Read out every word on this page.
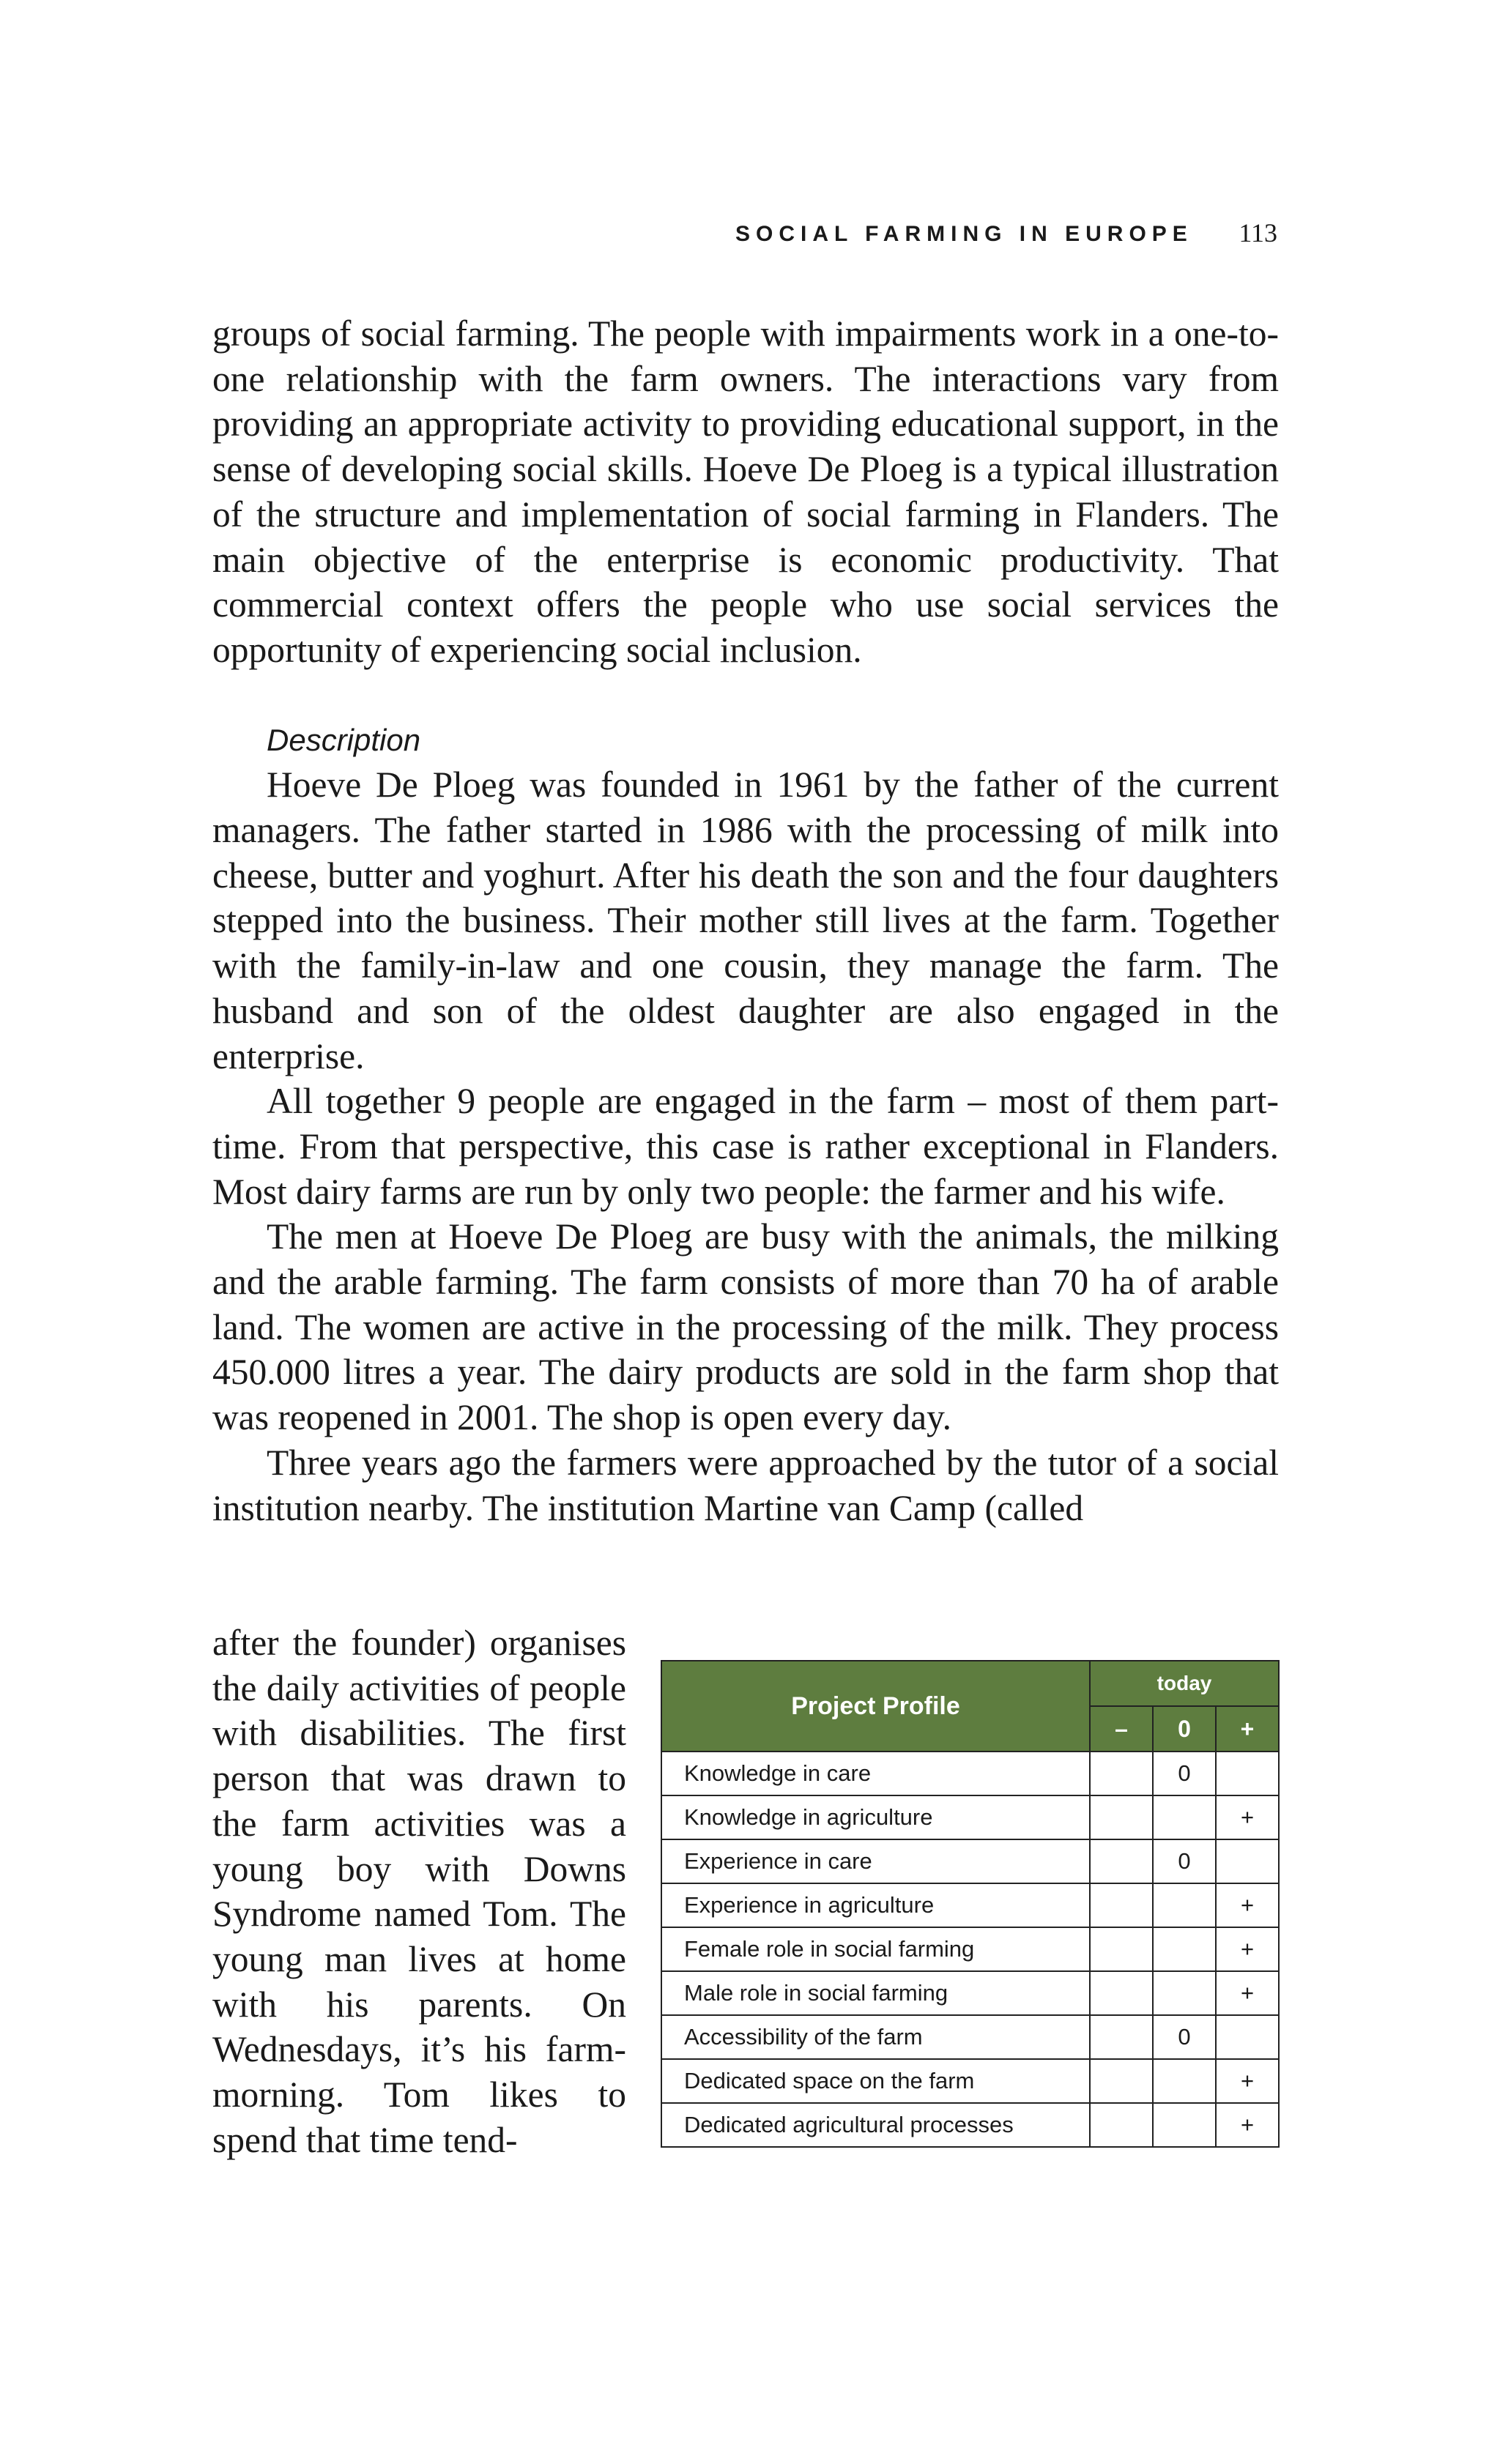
SOCIAL FARMING IN EUROPE 113

groups of social farming. The people with impairments work in a one-to-one relationship with the farm owners. The interactions vary from providing an appropriate activity to providing educational support, in the sense of developing social skills. Hoeve De Ploeg is a typical illustration of the structure and implementation of social farming in Flanders. The main objective of the enterprise is economic productivity. That commercial context offers the people who use social services the opportunity of experiencing social inclusion.

Description

Hoeve De Ploeg was founded in 1961 by the father of the current managers. The father started in 1986 with the processing of milk into cheese, butter and yoghurt. After his death the son and the four daughters stepped into the business. Their mother still lives at the farm. Together with the family-in-law and one cousin, they manage the farm. The husband and son of the oldest daughter are also engaged in the enterprise.

All together 9 people are engaged in the farm – most of them part-time. From that perspective, this case is rather exceptional in Flanders. Most dairy farms are run by only two people: the farmer and his wife.

The men at Hoeve De Ploeg are busy with the animals, the milking and the arable farming. The farm consists of more than 70 ha of arable land. The women are active in the processing of the milk. They process 450.000 litres a year. The dairy products are sold in the farm shop that was reopened in 2001. The shop is open every day.

Three years ago the farmers were approached by the tutor of a social institution nearby. The institution Martine van Camp (called

after the founder) organises the daily activities of people with disabilities. The first person that was drawn to the farm activities was a young boy with Downs Syndrome named Tom. The young man lives at home with his parents. On Wednesdays, it’s his farm-morning. Tom likes to spend that time tend-

Project Profile	today		
	–	0	+
Knowledge in care		0	
Knowledge in agriculture			+
Experience in care		0	
Experience in agriculture			+
Female role in social farming			+
Male role in social farming			+
Accessibility of the farm		0	
Dedicated space on the farm			+
Dedicated agricultural processes			+
